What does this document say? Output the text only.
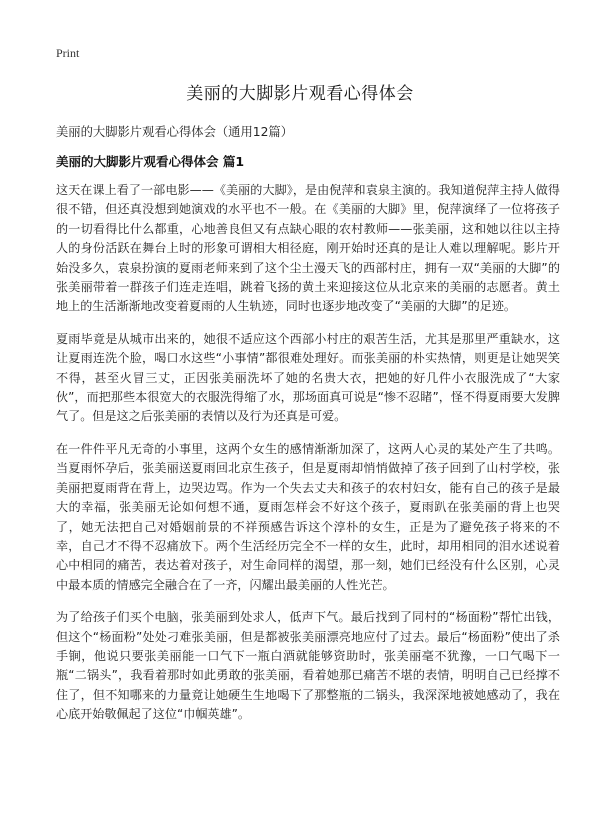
Print
美丽的大脚影片观看心得体会
美丽的大脚影片观看心得体会（通用12篇）
美丽的大脚影片观看心得体会 篇1

这天在课上看了一部电影——《美丽的大脚》，是由倪萍和袁泉主演的。我知道倪萍主持人做得很不错，但还真没想到她演戏的水平也不一般。在《美丽的大脚》里，倪萍演绎了一位将孩子的一切看得比什么都重，心地善良但又有点缺心眼的农村教师——张美丽，这和她以往以主持人的身份活跃在舞台上时的形象可谓相大相径庭，刚开始时还真的是让人难以理解呢。影片开始没多久，袁泉扮演的夏雨老师来到了这个尘土漫天飞的西部村庄，拥有一双“美丽的大脚”的张美丽带着一群孩子们连走连唱，跳着飞扬的黄土来迎接这位从北京来的美丽的志愿者。黄土地上的生活渐渐地改变着夏雨的人生轨迹，同时也逐步地改变了“美丽的大脚”的足迹。

夏雨毕竟是从城市出来的，她很不适应这个西部小村庄的艰苦生活，尤其是那里严重缺水，这让夏雨连洗个脸，喝口水这些“小事情”都很难处理好。而张美丽的朴实热情，则更是让她哭笑不得，甚至火冒三丈，正因张美丽洗坏了她的名贵大衣，把她的好几件小衣服洗成了“大家伙”，而把那些本很宽大的衣服洗得缩了水，那场面真可说是“惨不忍睹”，怪不得夏雨要大发脾气了。但是这之后张美丽的表情以及行为还真是可爱。

在一件件平凡无奇的小事里，这两个女生的感情渐渐加深了，这两人心灵的某处产生了共鸣。当夏雨怀孕后，张美丽送夏雨回北京生孩子，但是夏雨却悄悄做掉了孩子回到了山村学校，张美丽把夏雨背在背上，边哭边骂。作为一个失去丈夫和孩子的农村妇女，能有自己的孩子是最大的幸福，张美丽无论如何想不通，夏雨怎样会不好这个孩子，夏雨趴在张美丽的背上也哭了，她无法把自己对婚姻前景的不祥预感告诉这个淳朴的女生，正是为了避免孩子将来的不幸，自己才不得不忍痛放下。两个生活经历完全不一样的女生，此时，却用相同的泪水述说着心中相同的痛苦，表达着对孩子，对生命同样的渴望，那一刻，她们已经没有什么区别，心灵中最本质的情感完全融合在了一齐，闪耀出最美丽的人性光芒。

为了给孩子们买个电脑，张美丽到处求人，低声下气。最后找到了同村的“杨面粉”帮忙出钱，但这个“杨面粉”处处刁难张美丽，但是都被张美丽漂亮地应付了过去。最后“杨面粉”使出了杀手锏，他说只要张美丽能一口气下一瓶白酒就能够资助时，张美丽毫不犹豫，一口气喝下一瓶“二锅头”，我看着那时如此勇敢的张美丽，看着她那已痛苦不堪的表情，明明自己已经撑不住了，但不知哪来的力量竟让她硬生生地喝下了那整瓶的二锅头，我深深地被她感动了，我在心底开始敬佩起了这位“巾帼英雄”。
